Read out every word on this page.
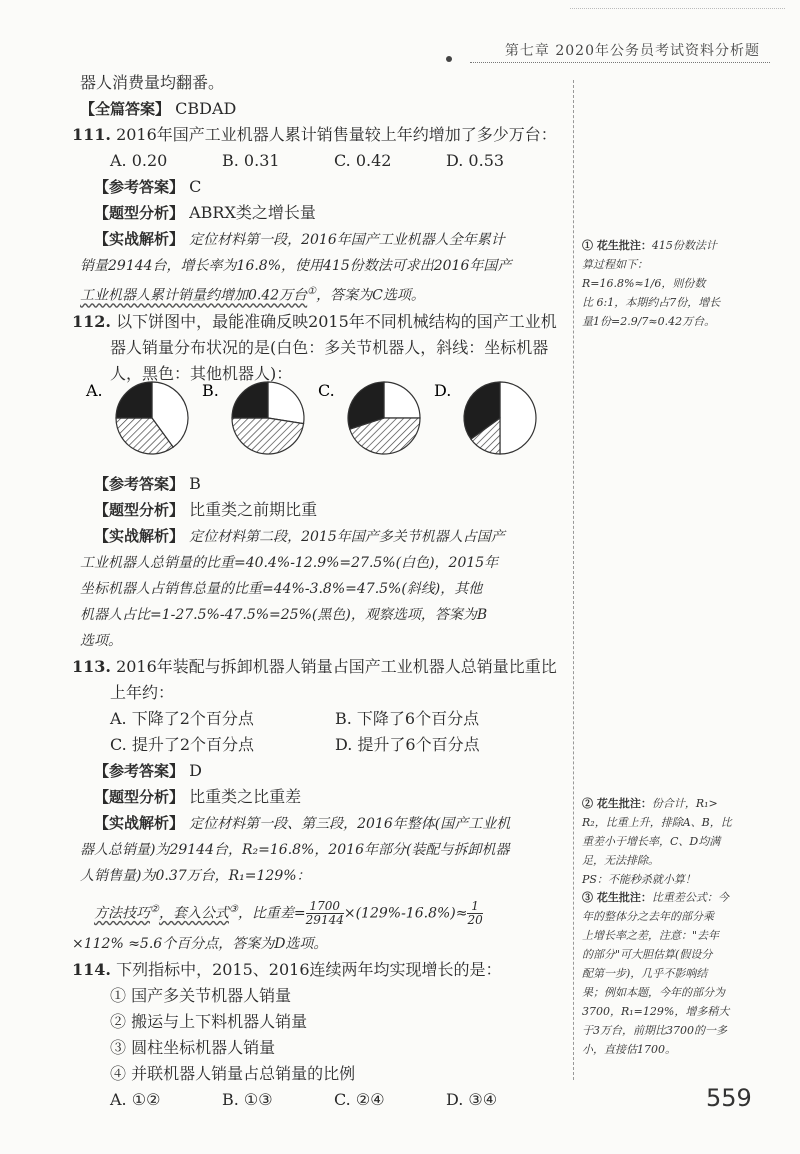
第七章 2020年公务员考试资料分析题
器人消费量均翻番。
【全篇答案】 CBDAD
111. 2016年国产工业机器人累计销售量较上年约增加了多少万台：
A. 0.20	B. 0.31	C. 0.42	D. 0.53
【参考答案】 C
【题型分析】 ABRX类之增长量
【实战解析】 定位材料第一段，2016年国产工业机器人全年累计
销量29144台，增长率为16.8%，使用415份数法可求出2016年国产
工业机器人累计销量约增加0.42万台①，答案为C选项。
112. 以下饼图中，最能准确反映2015年不同机械结构的国产工业机
器人销量分布状况的是(白色：多关节机器人，斜线：坐标机器
人，黑色：其他机器人)：
【参考答案】 B
【题型分析】 比重类之前期比重
【实战解析】 定位材料第二段，2015年国产多关节机器人占国产
工业机器人总销量的比重=40.4%-12.9%=27.5%(白色)，2015年
坐标机器人占销售总量的比重=44%-3.8%=47.5%(斜线)，其他
机器人占比=1-27.5%-47.5%=25%(黑色)，观察选项，答案为B
选项。
113. 2016年装配与拆卸机器人销量占国产工业机器人总销量比重比
上年约：
A. 下降了2个百分点	B. 下降了6个百分点
C. 提升了2个百分点	D. 提升了6个百分点
【参考答案】 D
【题型分析】 比重类之比重差
【实战解析】 定位材料第一段、第三段，2016年整体(国产工业机
器人总销量)为29144台，R₂=16.8%，2016年部分(装配与拆卸机器
人销售量)为0.37万台，R₁=129%：
方法技巧②，套入公式③，比重差= $\frac{1700}{29144} \times(129\%-16.8\%)\approx \frac{1}{20}$
×112% ≈5.6个百分点，答案为D选项。
114. 下列指标中，2015、2016连续两年均实现增长的是：
① 国产多关节机器人销量
② 搬运与上下料机器人销量
③ 圆柱坐标机器人销量
④ 并联机器人销量占总销量的比例
A. ①②	B. ①③	C. ②④	D. ③④
A.	B.	C.	D.
① 花生批注：415份数法计
算过程如下：
R=16.8%≈1/6，则份数
比 6:1，本期约占7份，增长
量1份=2.9/7≈0.42万台。
② 花生批注：份合计，R₁>
R₂，比重上升，排除A、B，比
重差小于增长率，C、D均满
足，无法排除。
PS：不能秒杀就小算！
③ 花生批注：比重差公式：今
年的整体分之去年的部分乘
上增长率之差，注意："去年
的部分"可大胆估算(假设分
配第一步)，几乎不影响结
果；例如本题，今年的部分为
3700，R₁=129%，增多稍大
于3万台，前期比3700的一多
小，直接估1700。
559
